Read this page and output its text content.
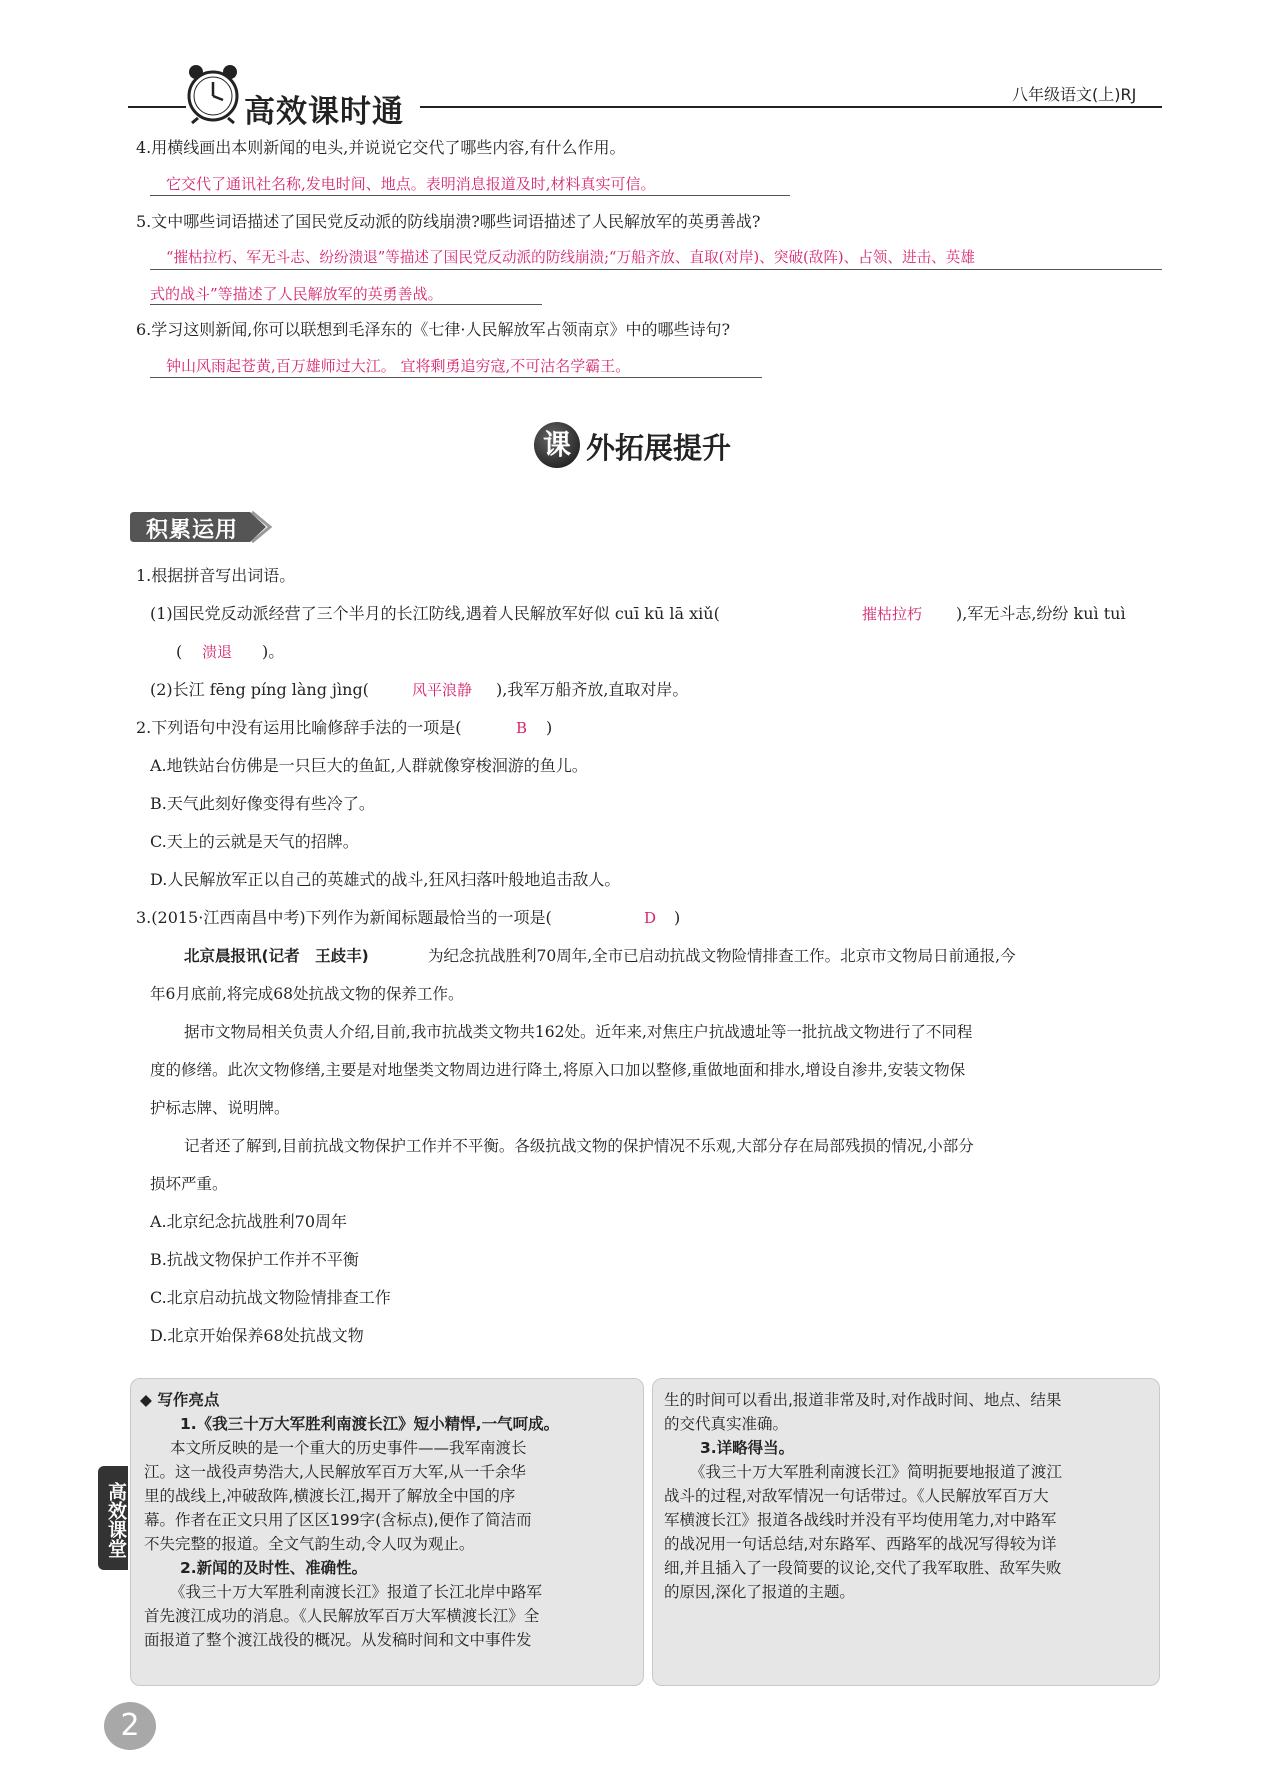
高效课时通	八年级语文(上)RJ
4.用横线画出本则新闻的电头,并说说它交代了哪些内容,有什么作用。
它交代了通讯社名称,发电时间、地点。表明消息报道及时,材料真实可信。
5.文中哪些词语描述了国民党反动派的防线崩溃?哪些词语描述了人民解放军的英勇善战?
“摧枯拉朽、军无斗志、纷纷溃退”等描述了国民党反动派的防线崩溃;“万船齐放、直取(对岸)、突破(敌阵)、占领、进击、英雄
式的战斗”等描述了人民解放军的英勇善战。
6.学习这则新闻,你可以联想到毛泽东的《七律·人民解放军占领南京》中的哪些诗句?
钟山风雨起苍黄,百万雄师过大江。 宜将剩勇追穷寇,不可沽名学霸王。
课 外拓展提升
积累运用
1.根据拼音写出词语。
(1)国民党反动派经营了三个半月的长江防线,遇着人民解放军好似 cuī kū lā xiǔ(	摧枯拉朽 ),军无斗志,纷纷 kuì tuì
( 溃退 )。
(2)长江 fēng píng làng jìng(	风平浪静 ),我军万船齐放,直取对岸。
2.下列语句中没有运用比喻修辞手法的一项是(	B )
A.地铁站台仿佛是一只巨大的鱼缸,人群就像穿梭洄游的鱼儿。
B.天气此刻好像变得有些冷了。
C.天上的云就是天气的招牌。
D.人民解放军正以自己的英雄式的战斗,狂风扫落叶般地追击敌人。
3.(2015·江西南昌中考)下列作为新闻标题最恰当的一项是(	D )
北京晨报讯(记者　王歧丰)	为纪念抗战胜利70周年,全市已启动抗战文物险情排查工作。北京市文物局日前通报,今
年6月底前,将完成68处抗战文物的保养工作。
据市文物局相关负责人介绍,目前,我市抗战类文物共162处。近年来,对焦庄户抗战遗址等一批抗战文物进行了不同程
度的修缮。此次文物修缮,主要是对地堡类文物周边进行降土,将原入口加以整修,重做地面和排水,增设自渗井,安装文物保
护标志牌、说明牌。
记者还了解到,目前抗战文物保护工作并不平衡。各级抗战文物的保护情况不乐观,大部分存在局部残损的情况,小部分
损坏严重。
A.北京纪念抗战胜利70周年
B.抗战文物保护工作并不平衡
C.北京启动抗战文物险情排查工作
D.北京开始保养68处抗战文物
高效课堂
◆ 写作亮点
1.《我三十万大军胜利南渡长江》短小精悍,一气呵成。
本文所反映的是一个重大的历史事件——我军南渡长
江。这一战役声势浩大,人民解放军百万大军,从一千余华
里的战线上,冲破敌阵,横渡长江,揭开了解放全中国的序
幕。作者在正文只用了区区199字(含标点),便作了简洁而
不失完整的报道。全文气韵生动,令人叹为观止。
2.新闻的及时性、准确性。
《我三十万大军胜利南渡长江》报道了长江北岸中路军
首先渡江成功的消息。《人民解放军百万大军横渡长江》全
面报道了整个渡江战役的概况。从发稿时间和文中事件发
生的时间可以看出,报道非常及时,对作战时间、地点、结果
的交代真实准确。
3.详略得当。
《我三十万大军胜利南渡长江》简明扼要地报道了渡江
战斗的过程,对敌军情况一句话带过。《人民解放军百万大
军横渡长江》报道各战线时并没有平均使用笔力,对中路军
的战况用一句话总结,对东路军、西路军的战况写得较为详
细,并且插入了一段简要的议论,交代了我军取胜、敌军失败
的原因,深化了报道的主题。
2
